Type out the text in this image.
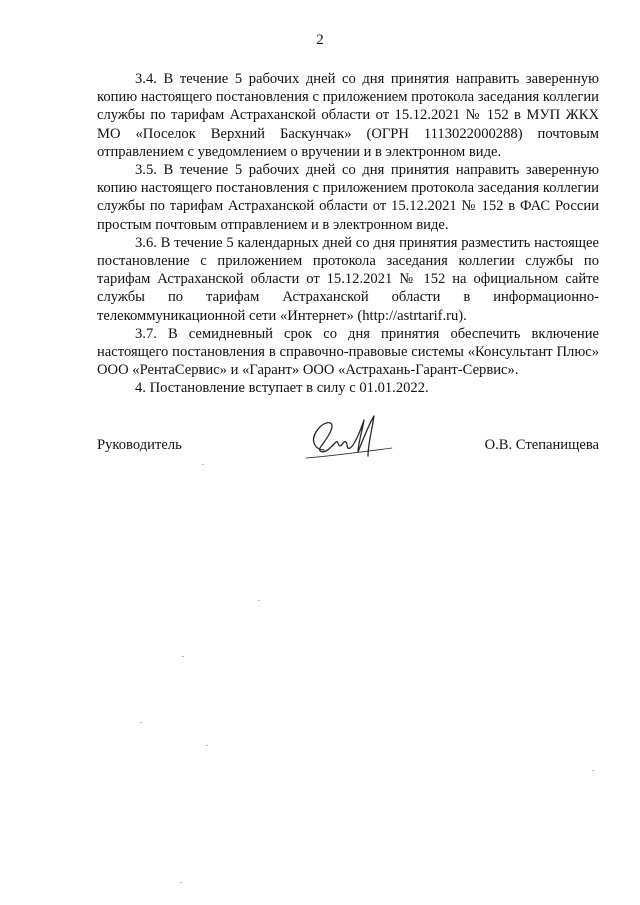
2

3.4. В течение 5 рабочих дней со дня принятия направить заверенную копию настоящего постановления с приложением протокола заседания коллегии службы по тарифам Астраханской области от 15.12.2021 № 152 в МУП ЖКХ МО «Поселок Верхний Баскунчак» (ОГРН 1113022000288) почтовым отправлением с уведомлением о вручении и в электронном виде.

3.5. В течение 5 рабочих дней со дня принятия направить заверенную копию настоящего постановления с приложением протокола заседания коллегии службы по тарифам Астраханской области от 15.12.2021 № 152 в ФАС России простым почтовым отправлением и в электронном виде.

3.6. В течение 5 календарных дней со дня принятия разместить настоящее постановление с приложением протокола заседания коллегии службы по тарифам Астраханской области от 15.12.2021 № 152 на официальном сайте службы по тарифам Астраханской области в информационно-телекоммуникационной сети «Интернет» (http://astrtarif.ru).

3.7. В семидневный срок со дня принятия обеспечить включение настоящего постановления в справочно-правовые системы «Консультант Плюс» ООО «РентаСервис» и «Гарант» ООО «Астрахань-Гарант-Сервис».

4. Постановление вступает в силу с 01.01.2022.

Руководитель	О.В. Степанищева
